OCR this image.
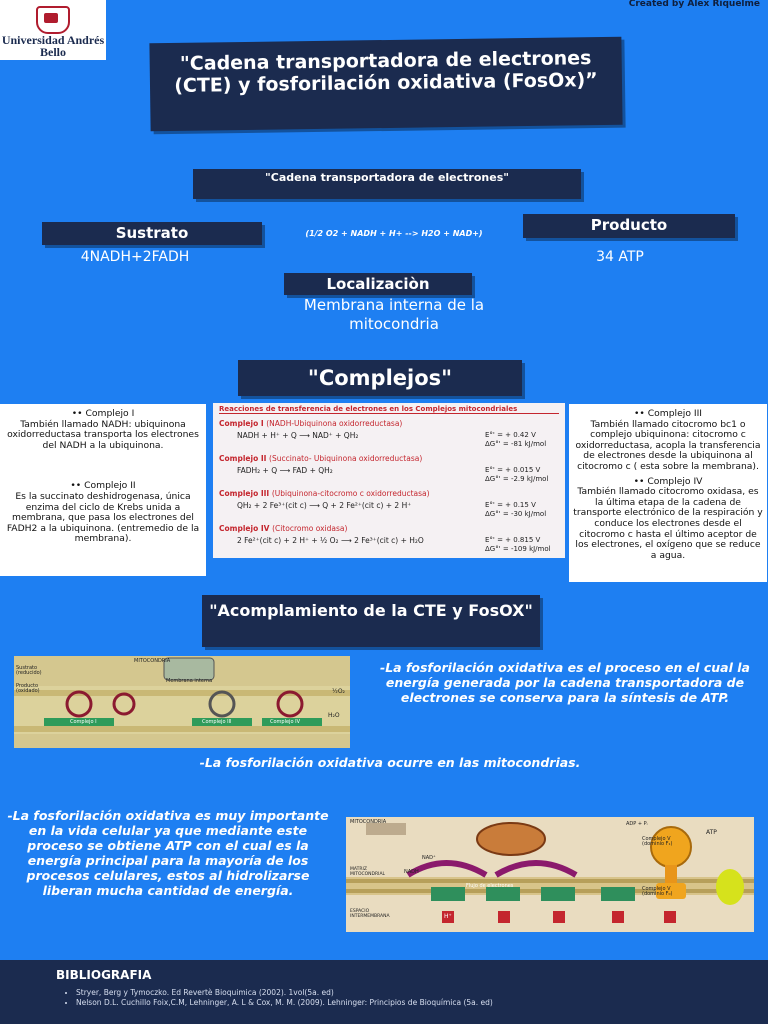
Universidad Andrés Bello
Created by Alex Riquelme
"Cadena transportadora de electrones (CTE) y fosforilación oxidativa (FosOx)”
"Cadena transportadora de electrones"
Sustrato	(1/2 O2 + NADH + H+ --> H2O + NAD+)	Producto
4NADH+2FADH	34 ATP
Localizaciòn
Membrana interna de la mitocondria
"Complejos"
•• Complejo I
También llamado NADH: ubiquinona oxidorreductasa transporta los electrones del NADH a la ubiquinona.
•• Complejo II
Es la succinato deshidrogenasa, única enzima del ciclo de Krebs unida a membrana, que pasa los electrones del FADH2 a la ubiquinona. (entremedio de la membrana).
Reacciones de transferencia de electrones en los Complejos mitocondriales
Complejo I (NADH-Ubiquinona oxidorreductasa)
NADH + H⁺ + Q ⟶ NAD⁺ + QH₂	E°' = + 0.42 V
ΔG°' = -81 kJ/mol
Complejo II (Succinato- Ubiquinona oxidorreductasa)
FADH₂ + Q ⟶ FAD + QH₂	E°' = + 0.015 V
ΔG°' = -2.9 kJ/mol
Complejo III (Ubiquinona-citocromo c oxidorreductasa)
QH₂ + 2 Fe³⁺(cit c) ⟶ Q + 2 Fe²⁺(cit c) + 2 H⁺	E°' = + 0.15 V
ΔG°' = -30 kJ/mol
Complejo IV (Citocromo oxidasa)
2 Fe²⁺(cit c) + 2 H⁺ + ½ O₂ ⟶ 2 Fe³⁺(cit c) + H₂O	E°' = + 0.815 V
ΔG°' = -109 kJ/mol
•• Complejo III
También llamado citocromo bc1 o complejo ubiquinona: citocromo c oxidorreductasa, acopla la transferencia de electrones desde la ubiquinona al citocromo c ( esta sobre la membrana).
•• Complejo IV
También llamado citocromo oxidasa, es la última etapa de la cadena de transporte electrónico de la respiración y conduce los electrones desde el citocromo c hasta el último aceptor de los electrones, el oxígeno que se reduce a agua.
"Acomplamiento de la CTE y FosOX"
MITOCONDRIA
Membrana interna
Sustrato (reducido)
Producto (oxidado)
Complejo I	Complejo III	Complejo IV
½O₂
H₂O
-La fosforilación oxidativa es el proceso en el cual la energía generada por la cadena transportadora de electrones se conserva para la síntesis de ATP.
-La fosforilación oxidativa ocurre en las mitocondrias.
-La fosforilación oxidativa es muy importante en la vida celular ya que mediante este proceso se obtiene ATP con el cual es la energía principal para la mayoría de los procesos celulares, estos al hidrolizarse liberan mucha cantidad de energía.
MITOCONDRIA
Flujo de electrones
Complejo V (dominio F₁)
Complejo V (dominio F₀)
ATP
ADP + Pᵢ
MATRIZ MITOCONDRIAL
ESPACIO INTERMEMBRANA
NADH
NAD⁺
H⁺
BIBLIOGRAFIA
• Stryer, Berg y Tymoczko. Ed Revertè Bioquimica (2002). 1vol(5a. ed)
• Nelson D.L. Cuchillo Foix,C.M, Lehninger, A. L & Cox, M. M. (2009). Lehninger: Principios de Bioquímica (5a. ed)
